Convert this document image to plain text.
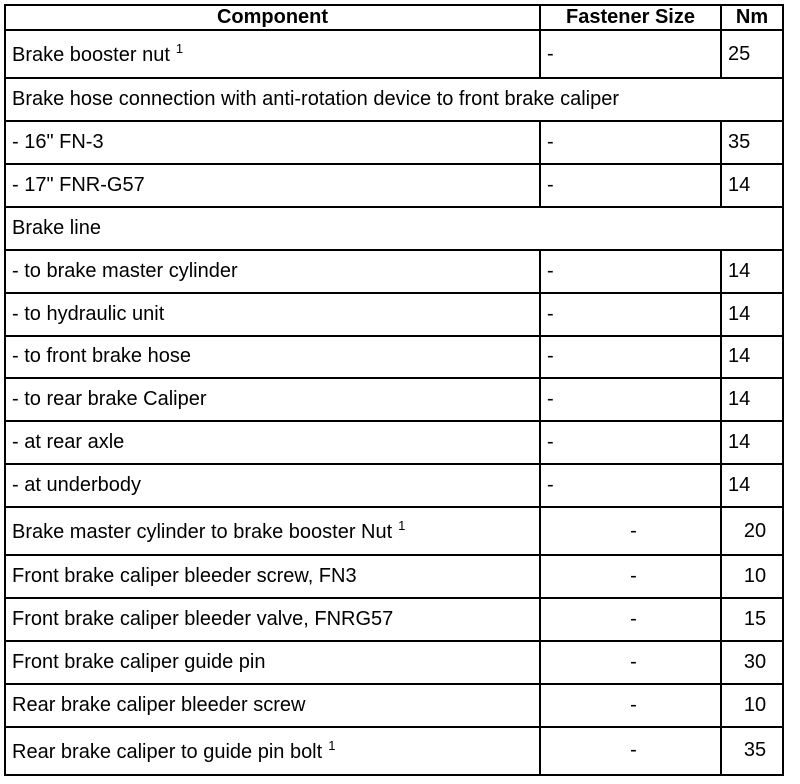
Component	Fastener Size	Nm
Brake booster nut $^1$	-	25
Brake hose connection with anti-rotation device to front brake caliper		
- 16" FN-3	-	35
- 17" FNR-G57	-	14
Brake line		
- to brake master cylinder	-	14
- to hydraulic unit	-	14
- to front brake hose	-	14
- to rear brake Caliper	-	14
- at rear axle	-	14
- at underbody	-	14
Brake master cylinder to brake booster Nut $^1$	-	20
Front brake caliper bleeder screw, FN3	-	10
Front brake caliper bleeder valve, FNRG57	-	15
Front brake caliper guide pin	-	30
Rear brake caliper bleeder screw	-	10
Rear brake caliper to guide pin bolt $^1$	-	35
